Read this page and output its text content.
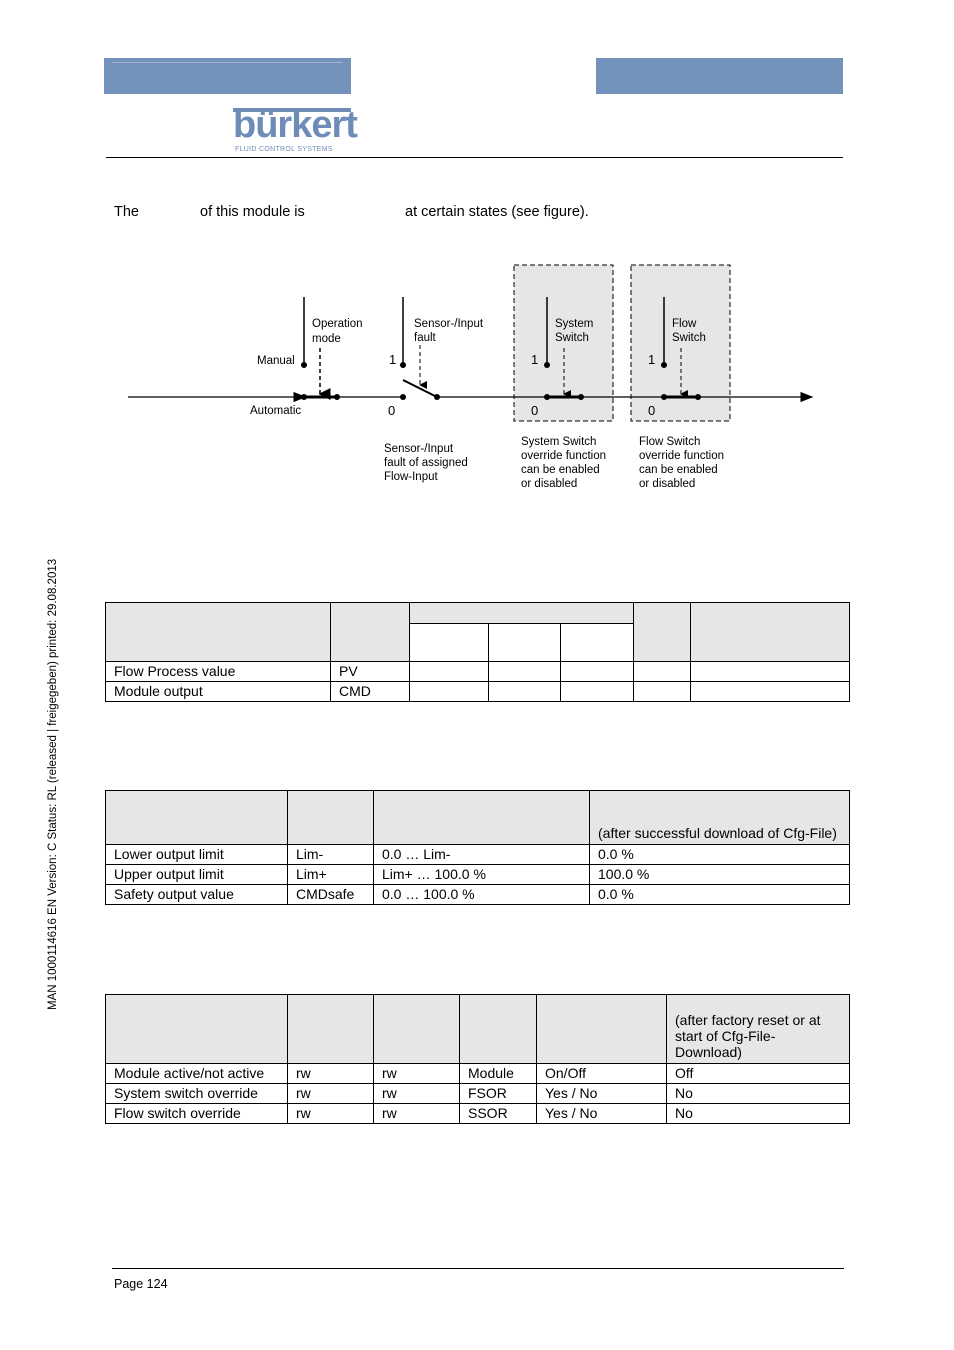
bürkert
FLUID CONTROL SYSTEMS
The	of this module is	at certain states (see figure).
Operation
mode
Manual
Automatic
Sensor-/Input
fault
Sensor-/Input
fault of assigned
Flow-Input
System
Switch
System Switch
override function
can be enabled
or disabled
Flow
Switch
Flow Switch
override function
can be enabled
or disabled
1
0
1
0
1
0

Flow Process value	PV					
Module output	CMD					
			(after successful download of Cfg-File)
Lower output limit	Lim-	0.0 … Lim-	0.0 %
Upper output limit	Lim+	Lim+ … 100.0 %	100.0 %
Safety output value	CMDsafe	0.0 … 100.0 %	0.0 %
					(after factory reset or at start of Cfg-File-Download)
Module active/not active	rw	rw	Module	On/Off	Off
System switch override	rw	rw	FSOR	Yes / No	No
Flow switch override	rw	rw	SSOR	Yes / No	No
MAN 1000114616 EN Version: C Status: RL (released | freigegeben) printed: 29.08.2013
Page 124
